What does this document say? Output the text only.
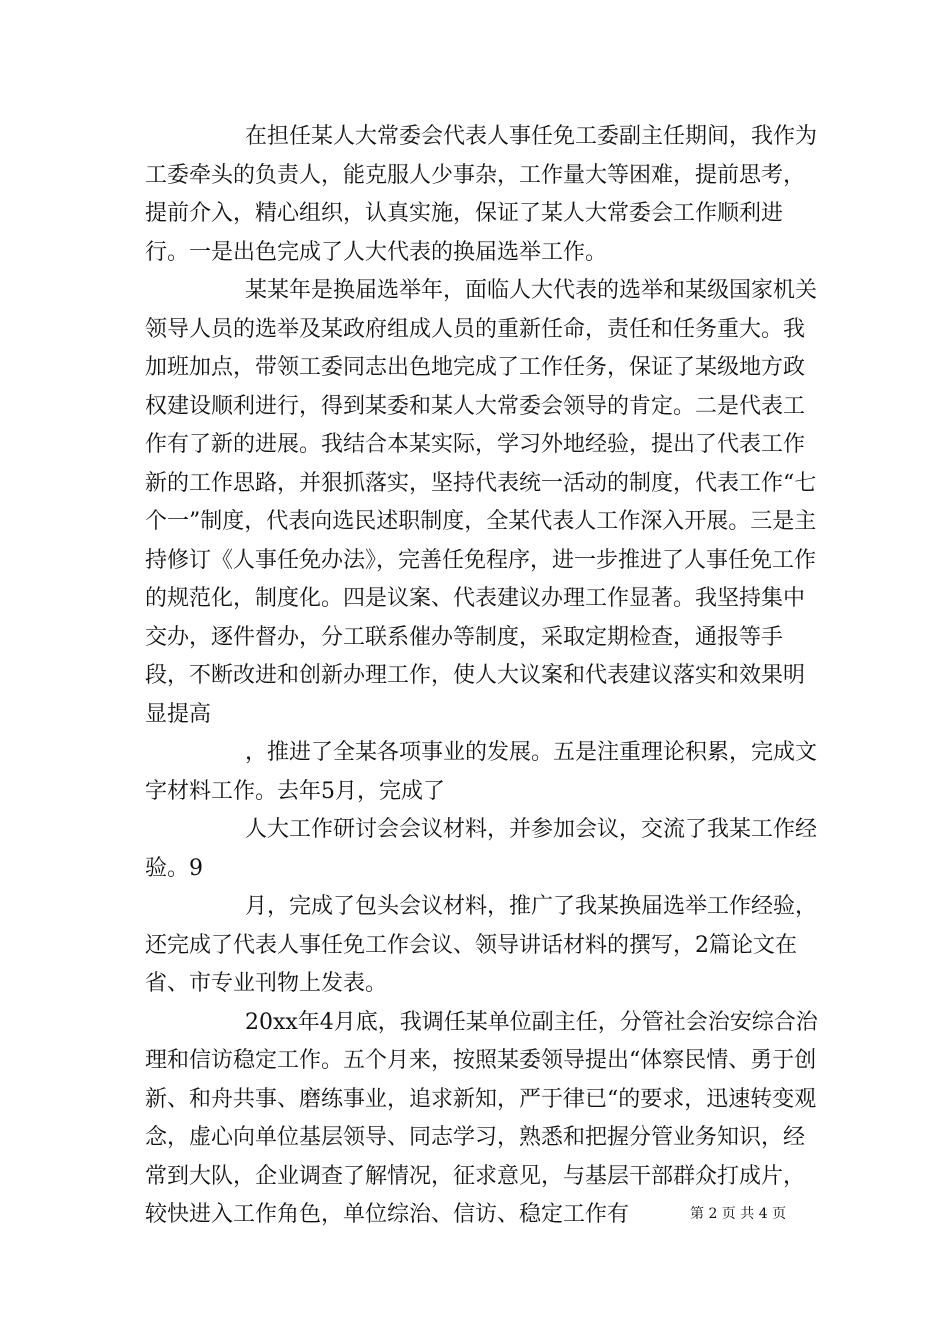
在担任某人大常委会代表人事任免工委副主任期间，我作为工委牵头的负责人，能克服人少事杂，工作量大等困难，提前思考，提前介入，精心组织，认真实施，保证了某人大常委会工作顺利进行。一是出色完成了人大代表的换届选举工作。

某某年是换届选举年，面临人大代表的选举和某级国家机关领导人员的选举及某政府组成人员的重新任命，责任和任务重大。我加班加点，带领工委同志出色地完成了工作任务，保证了某级地方政权建设顺利进行，得到某委和某人大常委会领导的肯定。二是代表工作有了新的进展。我结合本某实际，学习外地经验，提出了代表工作新的工作思路，并狠抓落实，坚持代表统一活动的制度，代表工作“七个一”制度，代表向选民述职制度，全某代表人工作深入开展。三是主持修订《人事任免办法》，完善任免程序，进一步推进了人事任免工作的规范化，制度化。四是议案、代表建议办理工作显著。我坚持集中交办，逐件督办，分工联系催办等制度，采取定期检查，通报等手段，不断改进和创新办理工作，使人大议案和代表建议落实和效果明显提高

，推进了全某各项事业的发展。五是注重理论积累，完成文字材料工作。去年5月，完成了

人大工作研讨会会议材料，并参加会议，交流了我某工作经验。9

月，完成了包头会议材料，推广了我某换届选举工作经验，还完成了代表人事任免工作会议、领导讲话材料的撰写，2篇论文在省、市专业刊物上发表。

20xx年4月底，我调任某单位副主任，分管社会治安综合治理和信访稳定工作。五个月来，按照某委领导提出“体察民情、勇于创新、和舟共事、磨练事业，追求新知，严于律已“的要求，迅速转变观念，虚心向单位基层领导、同志学习，熟悉和把握分管业务知识，经常到大队，企业调查了解情况，征求意见，与基层干部群众打成片，较快进入工作角色，单位综治、信访、稳定工作有	第 2 页 共 4 页
